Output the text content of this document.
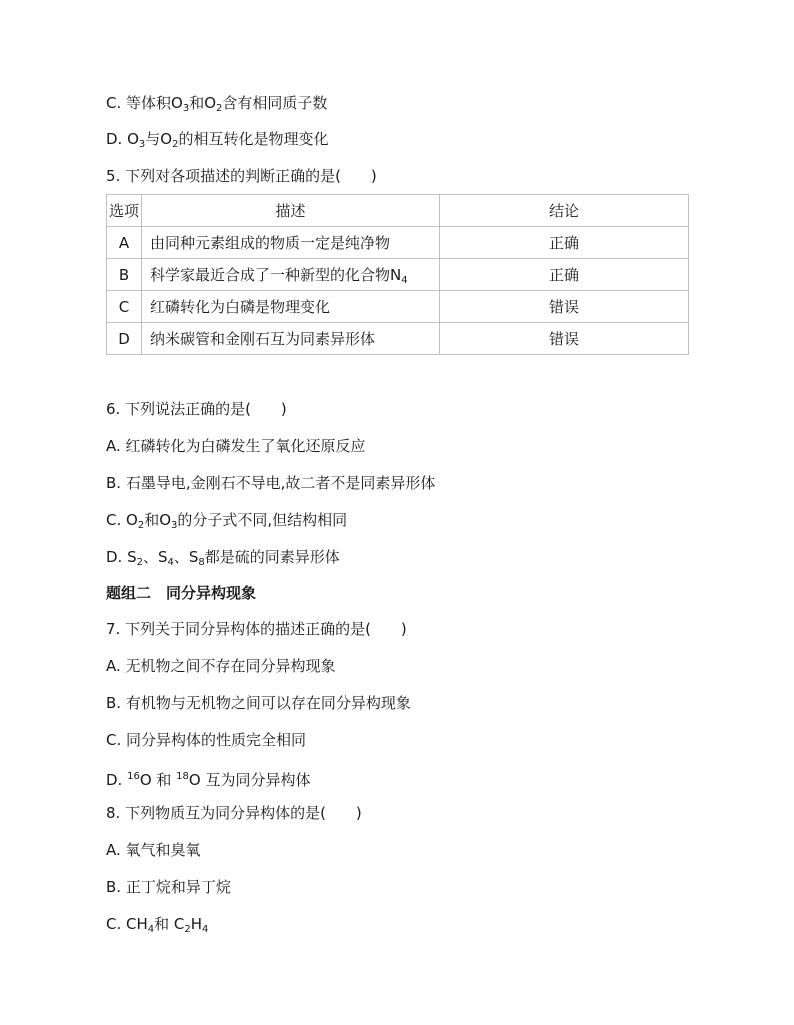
C. 等体积$O_3$和$O_2$含有相同质子数
D. $O_3$与$O_2$的相互转化是物理变化
5. 下列对各项描述的判断正确的是(　　)
选项	描述	结论
A	由同种元素组成的物质一定是纯净物	正确
B	科学家最近合成了一种新型的化合物$N_4$	正确
C	红磷转化为白磷是物理变化	错误
D	纳米碳管和金刚石互为同素异形体	错误
6. 下列说法正确的是(　　)
A. 红磷转化为白磷发生了氧化还原反应
B. 石墨导电,金刚石不导电,故二者不是同素异形体
C. $O_2$和$O_3$的分子式不同,但结构相同
D. $S_2$、$S_4$、$S_8$都是硫的同素异形体
题组二　同分异构现象
7. 下列关于同分异构体的描述正确的是(　　)
A. 无机物之间不存在同分异构现象
B. 有机物与无机物之间可以存在同分异构现象
C. 同分异构体的性质完全相同
D. $^{16}$O 和 $^{18}$O 互为同分异构体
8. 下列物质互为同分异构体的是(　　)
A. 氧气和臭氧
B. 正丁烷和异丁烷
C. $CH_4$和 $C_2H_4$
